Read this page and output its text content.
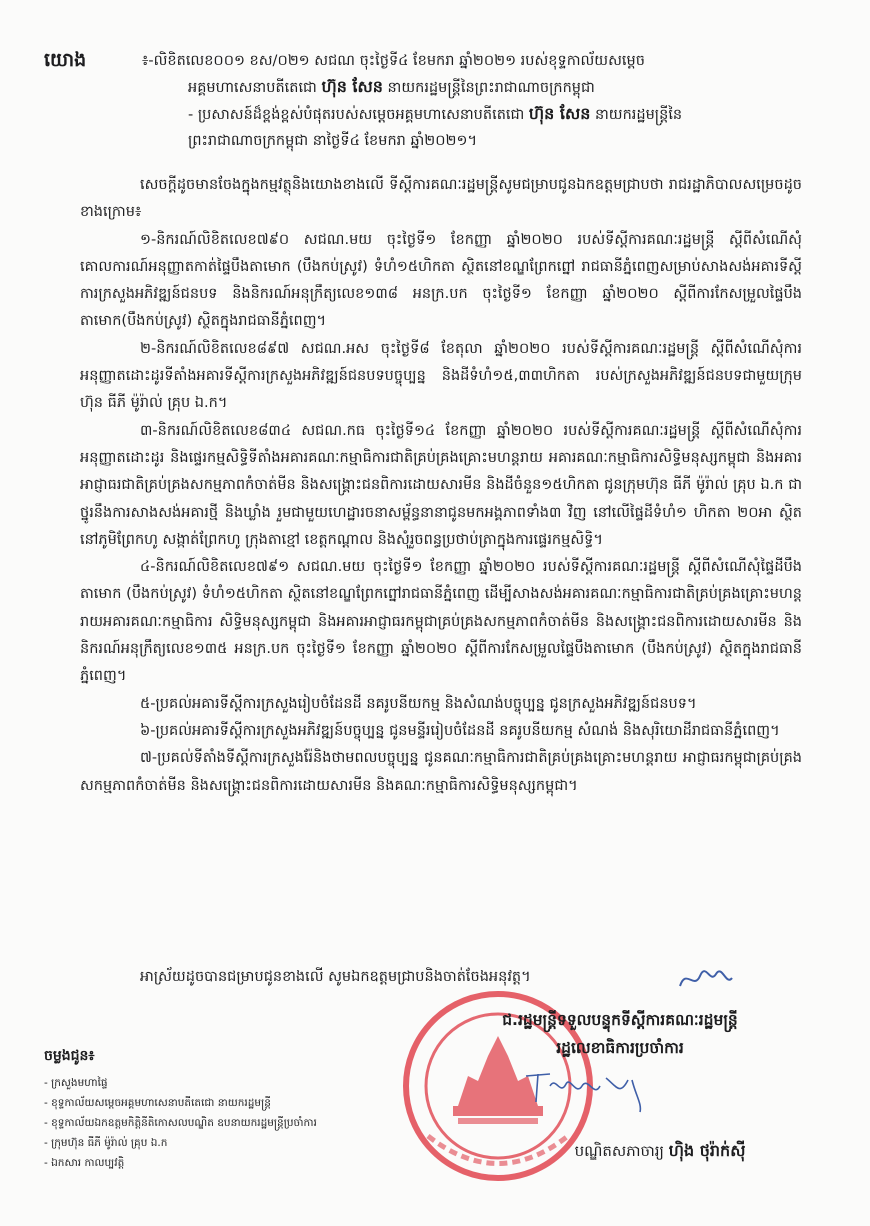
យោង	៖-លិខិតលេខ០០១ ខស/០២១ សជណ ចុះថ្ងៃទី៤ ខែមករា ឆ្នាំ២០២១ របស់ខុទ្ទកាល័យសម្ដេច
អគ្គមហាសេនាបតីតេជោ ហ៊ុន សែន នាយករដ្ឋមន្ត្រីនៃព្រះរាជាណាចក្រកម្ពុជា
- ប្រសាសន៍ដ៏ខ្ពង់ខ្ពស់បំផុតរបស់សម្ដេចអគ្គមហាសេនាបតីតេជោ ហ៊ុន សែន នាយករដ្ឋមន្ត្រីនៃ
ព្រះរាជាណាចក្រកម្ពុជា នាថ្ងៃទី៤ ខែមករា ឆ្នាំ២០២១។

សេចក្ដីដូចមានចែងក្នុងកម្មវត្ថុនិងយោងខាងលើ ទីស្ដីការគណៈរដ្ឋមន្ត្រីសូមជម្រាបជូនឯកឧត្តមជ្រាបថា រាជរដ្ឋាភិបាលសម្រេចដូចខាងក្រោម៖

១-និករណ៍លិខិតលេខ៧៩០ សជណ.មយ ចុះថ្ងៃទី១ ខែកញ្ញា ឆ្នាំ២០២០ របស់ទីស្ដីការគណៈរដ្ឋមន្ត្រី ស្ដីពីសំណើសុំគោលការណ៍អនុញ្ញាតកាត់ផ្ទៃបឹងតាមោក (បឹងកប់ស្រូវ) ទំហំ១៥ហិកតា ស្ថិតនៅខណ្ឌព្រែកព្នៅ រាជធានីភ្នំពេញសម្រាប់សាងសង់អគារទីស្ដីការក្រសួងអភិវឌ្ឍន៍ជនបទ និងនិករណ៍អនុក្រឹត្យលេខ១៣៨ អនក្រ.បក ចុះថ្ងៃទី១ ខែកញ្ញា ឆ្នាំ២០២០ ស្ដីពីការកែសម្រួលផ្ទៃបឹងតាមោក(បឹងកប់ស្រូវ) ស្ថិតក្នុងរាជធានីភ្នំពេញ។

២-និករណ៍លិខិតលេខ៨៩៧ សជណ.អស ចុះថ្ងៃទី៨ ខែតុលា ឆ្នាំ២០២០ របស់ទីស្ដីការគណៈរដ្ឋមន្ត្រី ស្ដីពីសំណើសុំការអនុញ្ញាតដោះដូរទីតាំងអគារទីស្ដីការក្រសួងអភិវឌ្ឍន៍ជនបទបច្ចុប្បន្ន និងដីទំហំ១៥,៣៣ហិកតា របស់ក្រសួងអភិវឌ្ឍន៍ជនបទជាមួយក្រុមហ៊ុន ធីភី ម៉ូរ៉ាល់ គ្រុប ឯ.ក។

៣-និករណ៍លិខិតលេខ៨៣៤ សជណ.កធ ចុះថ្ងៃទី១៤ ខែកញ្ញា ឆ្នាំ២០២០ របស់ទីស្ដីការគណៈរដ្ឋមន្ត្រី ស្ដីពីសំណើសុំការអនុញ្ញាតដោះដូរ និងផ្ទេរកម្មសិទ្ធិទីតាំងអគារគណៈកម្មាធិការជាតិគ្រប់គ្រងគ្រោះមហន្តរាយ អគារគណៈកម្មាធិការសិទ្ធិមនុស្សកម្ពុជា និងអគារអាជ្ញាធរជាតិគ្រប់គ្រងសកម្មភាពកំចាត់មីន និងសង្គ្រោះជនពិការដោយសារមីន និងដីចំនួន១៥ហិកតា ជូនក្រុមហ៊ុន ធីភី ម៉ូរ៉ាល់ គ្រុប ឯ.ក ជាថ្នូរនឹងការសាងសង់អគារថ្មី និងឃ្លាំង រួមជាមួយហេដ្ឋារចនាសម្ព័ន្ធនានាជូនមកអង្គភាពទាំង៣ វិញ នៅលើផ្ទៃដីទំហំ១ ហិកតា ២០អា ស្ថិតនៅភូមិព្រែកហូ សង្កាត់ព្រែកហូ ក្រុងតាខ្មៅ ខេត្តកណ្ដាល និងសុំរួចពន្ធប្រថាប់ត្រាក្នុងការផ្ទេរកម្មសិទ្ធិ។

៤-និករណ៍លិខិតលេខ៧៩១ សជណ.មយ ចុះថ្ងៃទី១ ខែកញ្ញា ឆ្នាំ២០២០ របស់ទីស្ដីការគណៈរដ្ឋមន្ត្រី ស្ដីពីសំណើសុំផ្ទៃដីបឹងតាមោក (បឹងកប់ស្រូវ) ទំហំ១៥ហិកតា ស្ថិតនៅខណ្ឌព្រែកព្នៅរាជធានីភ្នំពេញ ដើម្បីសាងសង់អគារគណៈកម្មាធិការជាតិគ្រប់គ្រងគ្រោះមហន្តរាយអគារគណៈកម្មាធិការ សិទ្ធិមនុស្សកម្ពុជា និងអគារអាជ្ញាធរកម្ពុជាគ្រប់គ្រងសកម្មភាពកំចាត់មីន និងសង្គ្រោះជនពិការដោយសារមីន និងនិករណ៍អនុក្រឹត្យលេខ១៣៥ អនក្រ.បក ចុះថ្ងៃទី១ ខែកញ្ញា ឆ្នាំ២០២០ ស្ដីពីការកែសម្រួលផ្ទៃបឹងតាមោក (បឹងកប់ស្រូវ) ស្ថិតក្នុងរាជធានីភ្នំពេញ។

៥-ប្រគល់អគារទីស្ដីការក្រសួងរៀបចំដែនដី នគរូបនីយកម្ម និងសំណង់បច្ចុប្បន្ន ជូនក្រសួងអភិវឌ្ឍន៍ជនបទ។

៦-ប្រគល់អគារទីស្ដីការក្រសួងអភិវឌ្ឍន៍បច្ចុប្បន្ន ជូនមន្ទីររៀបចំដែនដី នគរូបនីយកម្ម សំណង់ និងសុរិយោដីរាជធានីភ្នំពេញ។

៧-ប្រគល់ទីតាំងទីស្ដីការក្រសួងរ៉ែនិងថាមពលបច្ចុប្បន្ន ជូនគណៈកម្មាធិការជាតិគ្រប់គ្រងគ្រោះមហន្តរាយ អាជ្ញាធរកម្ពុជាគ្រប់គ្រងសកម្មភាពកំចាត់មីន និងសង្គ្រោះជនពិការដោយសារមីន និងគណៈកម្មាធិការសិទ្ធិមនុស្សកម្ពុជា។

អាស្រ័យដូចបានជម្រាបជូនខាងលើ សូមឯកឧត្តមជ្រាបនិងចាត់ចែងអនុវត្ត។
ជ.រដ្ឋមន្ត្រីទទួលបន្ទុកទីស្ដីការគណៈរដ្ឋមន្ត្រី
រដ្ឋលេខាធិការប្រចាំការ
បណ្ឌិតសភាចារ្យ ហ៊ិង ថុរ៉ាក់ស៊ី
ចម្លងជូន៖
- ក្រសួងមហាផ្ទៃ
- ខុទ្ទកាល័យសម្ដេចអគ្គមហាសេនាបតីតេជោ នាយករដ្ឋមន្ត្រី
- ខុទ្ទកាល័យឯកឧត្តមកិត្តិនីតិកោសលបណ្ឌិត ឧបនាយករដ្ឋមន្ត្រីប្រចាំការ
- ក្រុមហ៊ុន ធីភី ម៉ូរ៉ាល់ គ្រុប ឯ.ក
- ឯកសារ កាលប្បវត្តិ
